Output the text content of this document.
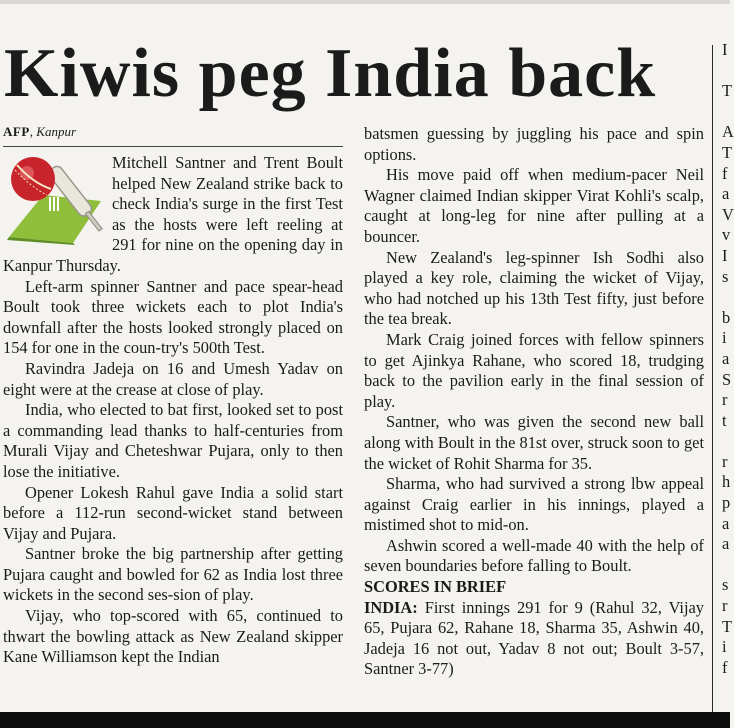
Kiwis peg India back
AFP, Kanpur

Mitchell Santner and Trent Boult helped New Zealand strike back to check India's surge in the first Test as the hosts were left reeling at 291 for nine on the opening day in Kanpur Thursday.

Left-arm spinner Santner and pace spear-head Boult took three wickets each to plot India's downfall after the hosts looked strongly placed on 154 for one in the coun-try's 500th Test.

Ravindra Jadeja on 16 and Umesh Yadav on eight were at the crease at close of play.

India, who elected to bat first, looked set to post a commanding lead thanks to half-centuries from Murali Vijay and Cheteshwar Pujara, only to then lose the initiative.

Opener Lokesh Rahul gave India a solid start before a 112-run second-wicket stand between Vijay and Pujara.

Santner broke the big partnership after getting Pujara caught and bowled for 62 as India lost three wickets in the second ses-sion of play.

Vijay, who top-scored with 65, continued to thwart the bowling attack as New Zealand skipper Kane Williamson kept the Indian

batsmen guessing by juggling his pace and spin options.

His move paid off when medium-pacer Neil Wagner claimed Indian skipper Virat Kohli's scalp, caught at long-leg for nine after pulling at a bouncer.

New Zealand's leg-spinner Ish Sodhi also played a key role, claiming the wicket of Vijay, who had notched up his 13th Test fifty, just before the tea break.

Mark Craig joined forces with fellow spinners to get Ajinkya Rahane, who scored 18, trudging back to the pavilion early in the final session of play.

Santner, who was given the second new ball along with Boult in the 81st over, struck soon to get the wicket of Rohit Sharma for 35.

Sharma, who had survived a strong lbw appeal against Craig earlier in his innings, played a mistimed shot to mid-on.

Ashwin scored a well-made 40 with the help of seven boundaries before falling to Boult.

SCORES IN BRIEF
INDIA: First innings 291 for 9 (Rahul 32, Vijay 65, Pujara 62, Rahane 18, Sharma 35, Ashwin 40, Jadeja 16 not out, Yadav 8 not out; Boult 3-57, Santner 3-77)
I
T
A
T
f
a
V
v
I
s
b
i
a
S
r
t
r
h
p
a
a
s
r
T
i
f
